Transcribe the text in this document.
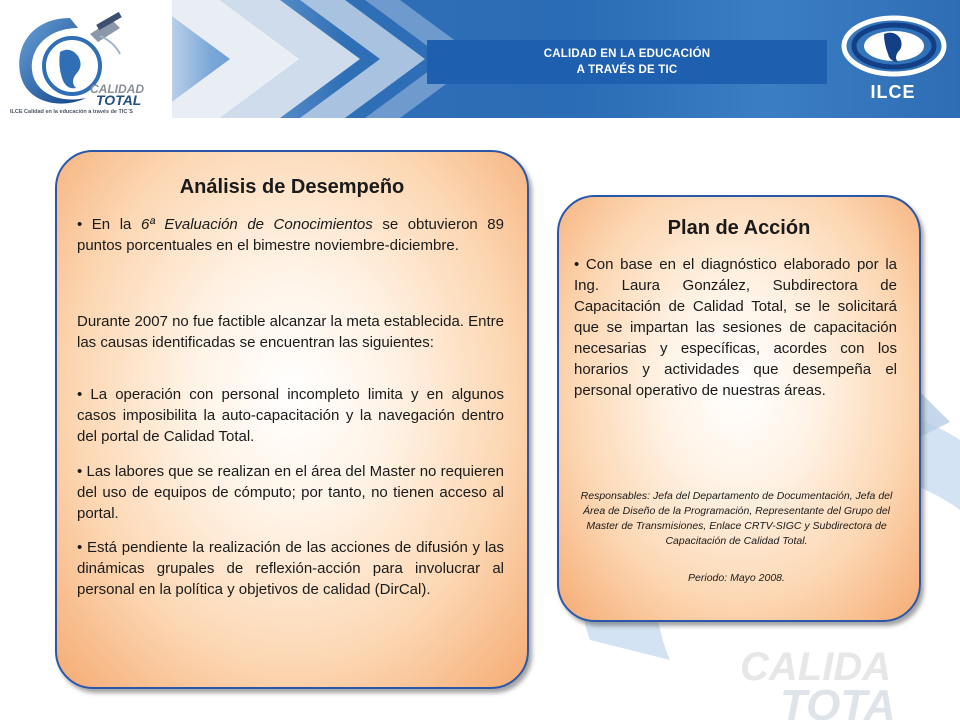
CALIDAD
TOTAL
ILCE Calidad en la educación a través de TIC´S
CALIDAD EN LA EDUCACIÓN
A TRAVÉS DE TIC
ILCE
CALIDA
TOTA
Análisis de Desempeño
• En la 6ª Evaluación de Conocimientos se obtuvieron 89 puntos porcentuales en el bimestre noviembre-diciembre.
Durante 2007 no fue factible alcanzar la meta establecida. Entre las causas identificadas se encuentran las siguientes:
• La operación con personal incompleto limita y en algunos casos imposibilita la auto-capacitación y la navegación dentro del portal de Calidad Total.
• Las labores que se realizan en el área del Master no requieren del uso de equipos de cómputo; por tanto, no tienen acceso al portal.
• Está pendiente la realización de las acciones de difusión y las dinámicas grupales de reflexión-acción para involucrar al personal en la política y objetivos de calidad (DirCal).
Plan de Acción
• Con base en el diagnóstico elaborado por la Ing. Laura González, Subdirectora de Capacitación de Calidad Total, se le solicitará que se impartan las sesiones de capacitación necesarias y específicas, acordes con los horarios y actividades que desempeña el personal operativo de nuestras áreas.
Responsables: Jefa del Departamento de Documentación, Jefa del Área de Diseño de la Programación, Representante del Grupo del Master de Transmisiones, Enlace CRTV-SIGC y Subdirectora de Capacitación de Calidad Total.
Periodo: Mayo 2008.
